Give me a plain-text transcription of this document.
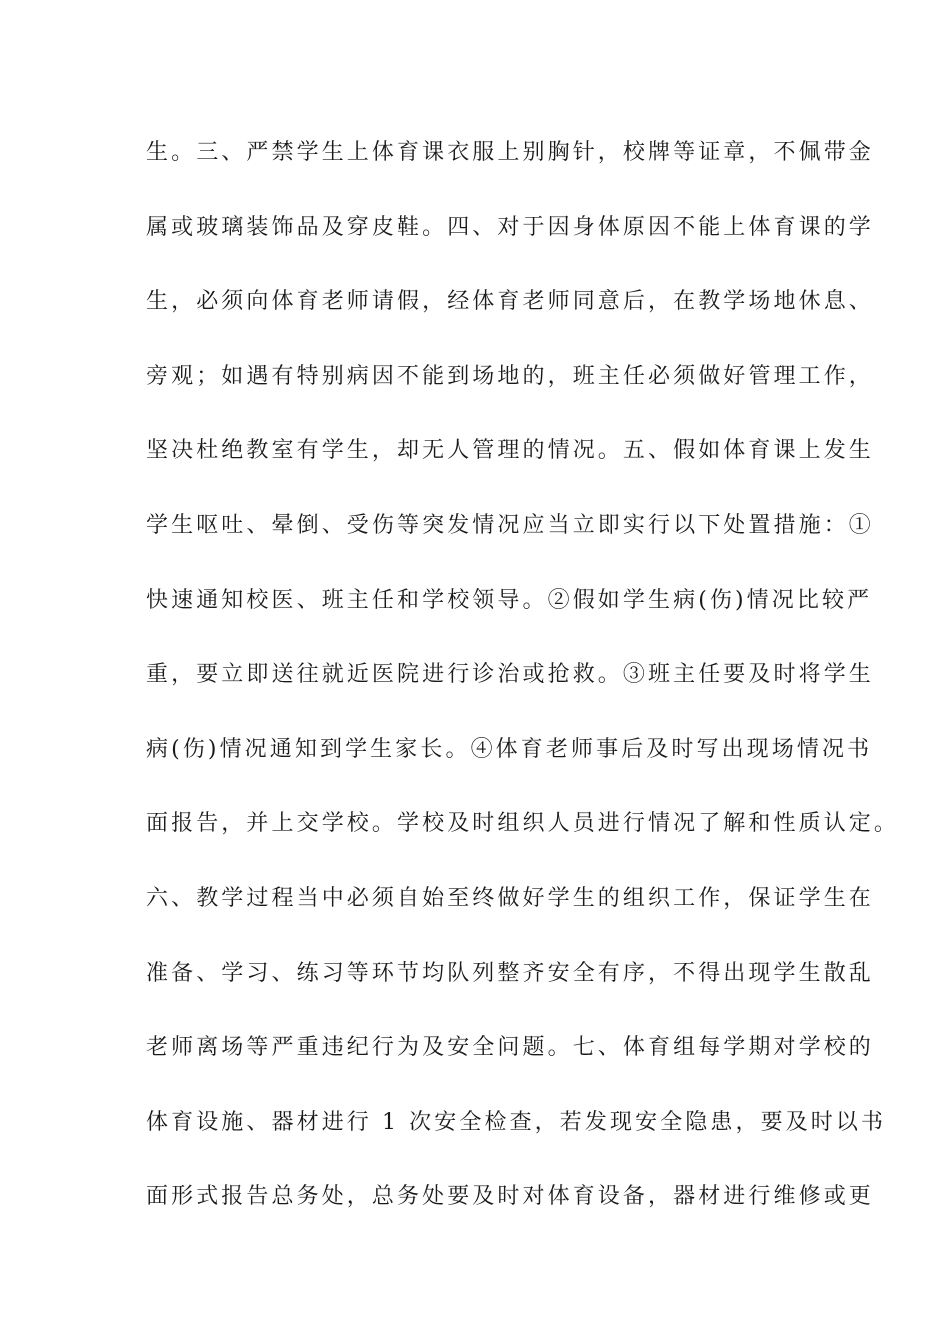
生。三、严禁学生上体育课衣服上别胸针，校牌等证章，不佩带金
属或玻璃装饰品及穿皮鞋。四、对于因身体原因不能上体育课的学
生，必须向体育老师请假，经体育老师同意后，在教学场地休息、
旁观；如遇有特别病因不能到场地的，班主任必须做好管理工作，
坚决杜绝教室有学生，却无人管理的情况。五、假如体育课上发生
学生呕吐、晕倒、受伤等突发情况应当立即实行以下处置措施：①
快速通知校医、班主任和学校领导。②假如学生病(伤)情况比较严
重，要立即送往就近医院进行诊治或抢救。③班主任要及时将学生
病(伤)情况通知到学生家长。④体育老师事后及时写出现场情况书
面报告，并上交学校。学校及时组织人员进行情况了解和性质认定。
六、教学过程当中必须自始至终做好学生的组织工作，保证学生在
准备、学习、练习等环节均队列整齐安全有序，不得出现学生散乱
老师离场等严重违纪行为及安全问题。七、体育组每学期对学校的
体育设施、器材进行 1 次安全检查，若发现安全隐患，要及时以书
面形式报告总务处，总务处要及时对体育设备，器材进行维修或更
